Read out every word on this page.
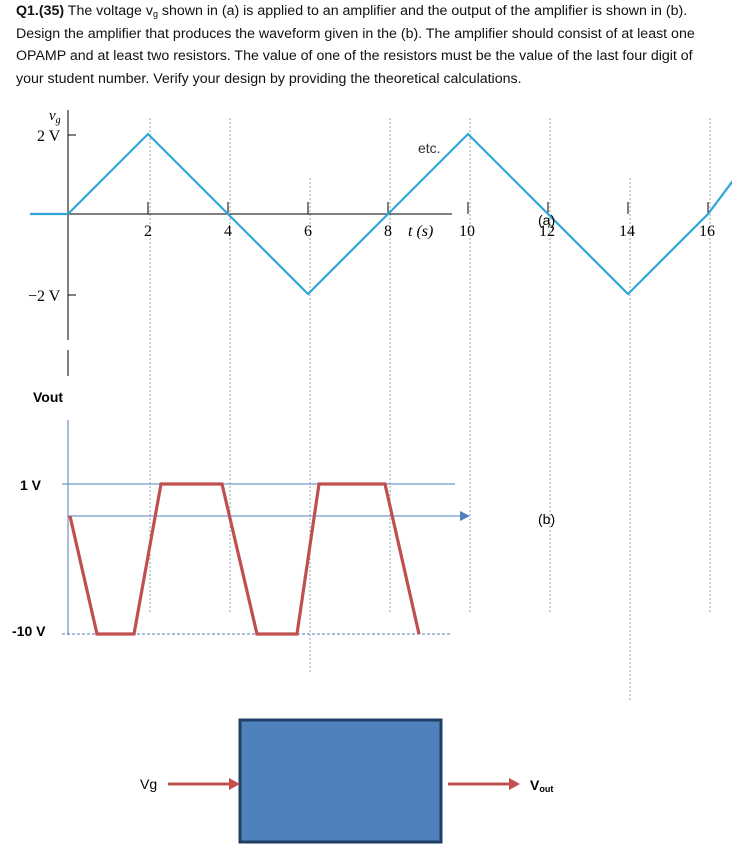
Q1.(35) The voltage $v_g$ shown in (a) is applied to an amplifier and the output of the amplifier is shown in (b). Design the amplifier that produces the waveform given in the (b). The amplifier should consist of at least one OPAMP and at least two resistors. The value of one of the resistors must be the value of the last four digit of your student number. Verify your design by providing the theoretical calculations.
$v_g$
2 V
−2 V
2	4	6	8	10	12	14	16
t (s)
etc.
(a)
Vout
1 V
-10 V
(b)
Vg	Vout
